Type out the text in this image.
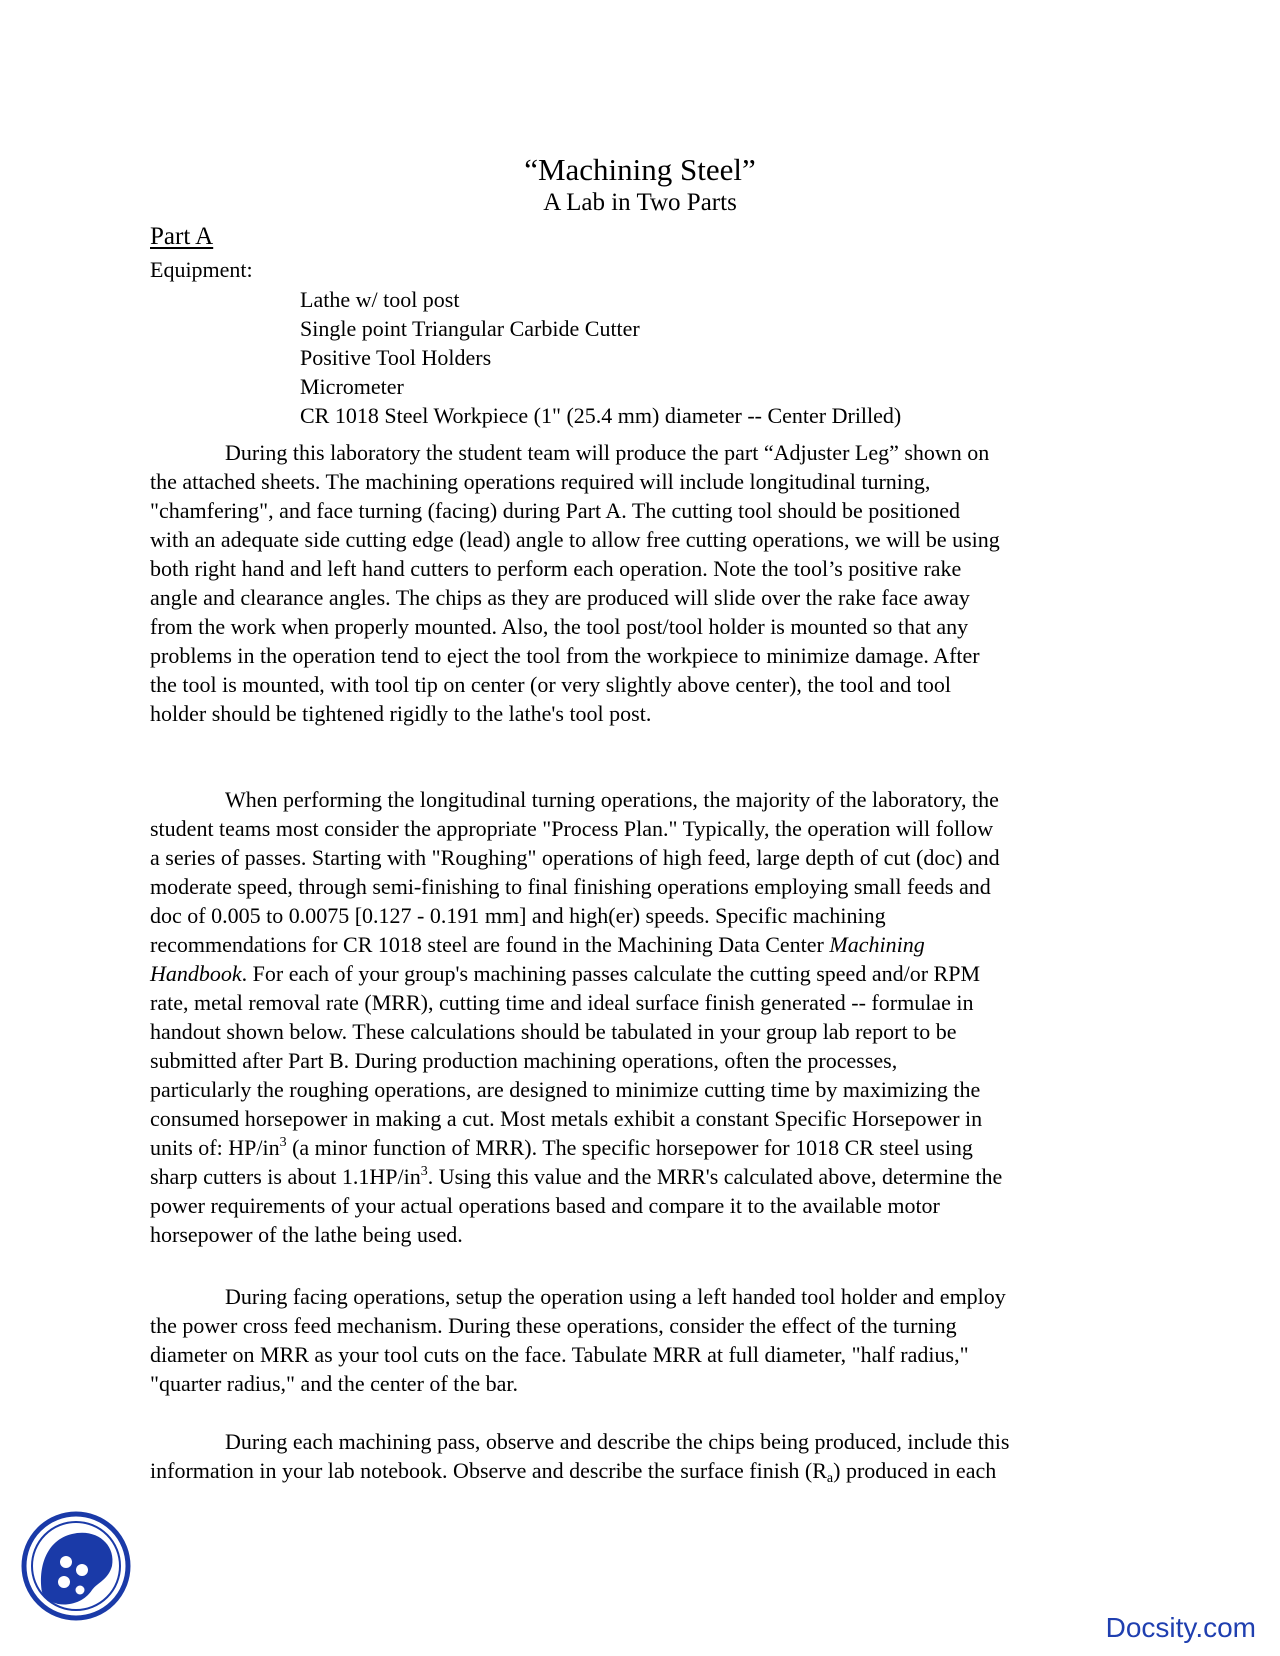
“Machining Steel”
A Lab in Two Parts
Part A
Equipment:
Lathe w/ tool post
Single point Triangular Carbide Cutter
Positive Tool Holders
Micrometer
CR 1018 Steel Workpiece (1" (25.4 mm) diameter -- Center Drilled)

During this laboratory the student team will produce the part “Adjuster Leg” shown on
the attached sheets. The machining operations required will include longitudinal turning,
"chamfering", and face turning (facing) during Part A. The cutting tool should be positioned
with an adequate side cutting edge (lead) angle to allow free cutting operations, we will be using
both right hand and left hand cutters to perform each operation. Note the tool’s positive rake
angle and clearance angles. The chips as they are produced will slide over the rake face away
from the work when properly mounted. Also, the tool post/tool holder is mounted so that any
problems in the operation tend to eject the tool from the workpiece to minimize damage. After
the tool is mounted, with tool tip on center (or very slightly above center), the tool and tool
holder should be tightened rigidly to the lathe's tool post.

When performing the longitudinal turning operations, the majority of the laboratory, the
student teams most consider the appropriate "Process Plan." Typically, the operation will follow
a series of passes. Starting with "Roughing" operations of high feed, large depth of cut (doc) and
moderate speed, through semi-finishing to final finishing operations employing small feeds and
doc of 0.005 to 0.0075 [0.127 - 0.191 mm] and high(er) speeds. Specific machining
recommendations for CR 1018 steel are found in the Machining Data Center Machining
Handbook. For each of your group's machining passes calculate the cutting speed and/or RPM
rate, metal removal rate (MRR), cutting time and ideal surface finish generated -- formulae in
handout shown below. These calculations should be tabulated in your group lab report to be
submitted after Part B. During production machining operations, often the processes,
particularly the roughing operations, are designed to minimize cutting time by maximizing the
consumed horsepower in making a cut. Most metals exhibit a constant Specific Horsepower in
units of: $HP/in^3$ (a minor function of MRR). The specific horsepower for 1018 CR steel using
sharp cutters is about $1.1HP/in^3$. Using this value and the MRR's calculated above, determine the
power requirements of your actual operations based and compare it to the available motor
horsepower of the lathe being used.

During facing operations, setup the operation using a left handed tool holder and employ
the power cross feed mechanism. During these operations, consider the effect of the turning
diameter on MRR as your tool cuts on the face. Tabulate MRR at full diameter, "half radius,"
"quarter radius," and the center of the bar.

During each machining pass, observe and describe the chips being produced, include this
information in your lab notebook. Observe and describe the surface finish $(R_a)$ produced in each

Docsity.com
